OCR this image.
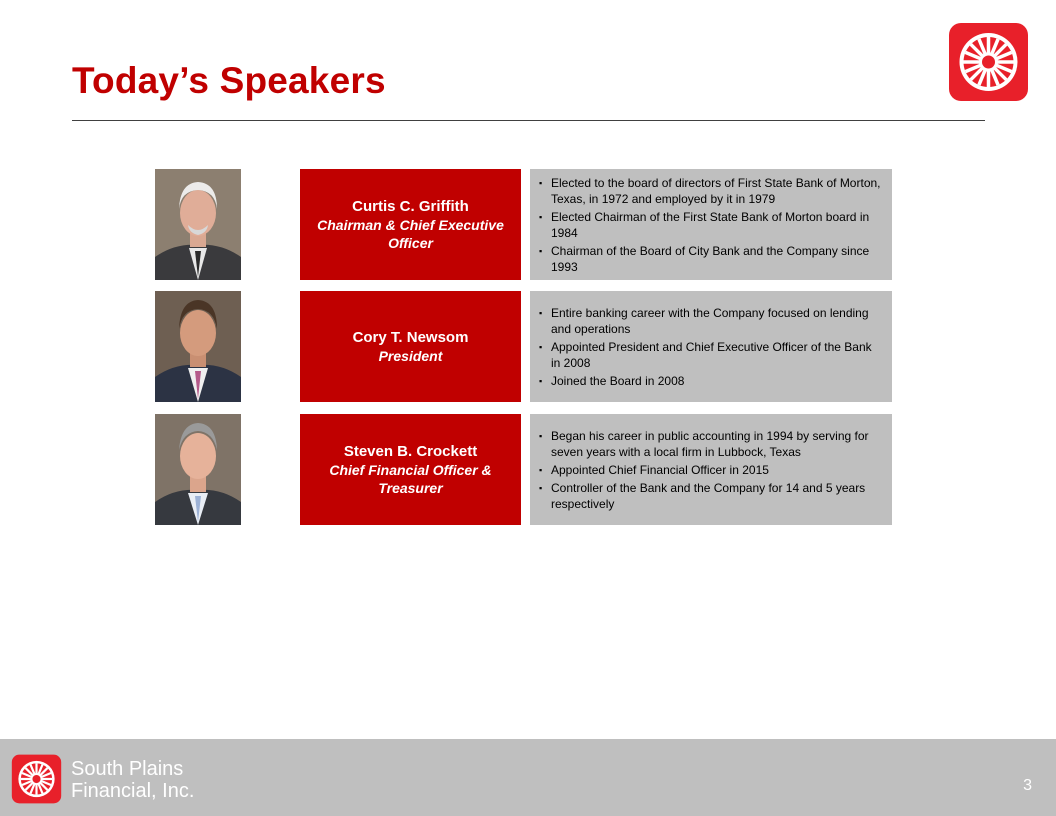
Today’s Speakers
Curtis C. Griffith
Chairman & Chief Executive Officer
▪ Elected to the board of directors of First State Bank of Morton, Texas, in 1972 and employed by it in 1979
▪ Elected Chairman of the First State Bank of Morton board in 1984
▪ Chairman of the Board of City Bank and the Company since 1993
Cory T. Newsom
President
▪ Entire banking career with the Company focused on lending and operations
▪ Appointed President and Chief Executive Officer of the Bank in 2008
▪ Joined the Board in 2008
Steven B. Crockett
Chief Financial Officer & Treasurer
▪ Began his career in public accounting in 1994 by serving for seven years with a local firm in Lubbock, Texas
▪ Appointed Chief Financial Officer in 2015
▪ Controller of the Bank and the Company for 14 and 5 years respectively
South Plains
Financial, Inc.	3
